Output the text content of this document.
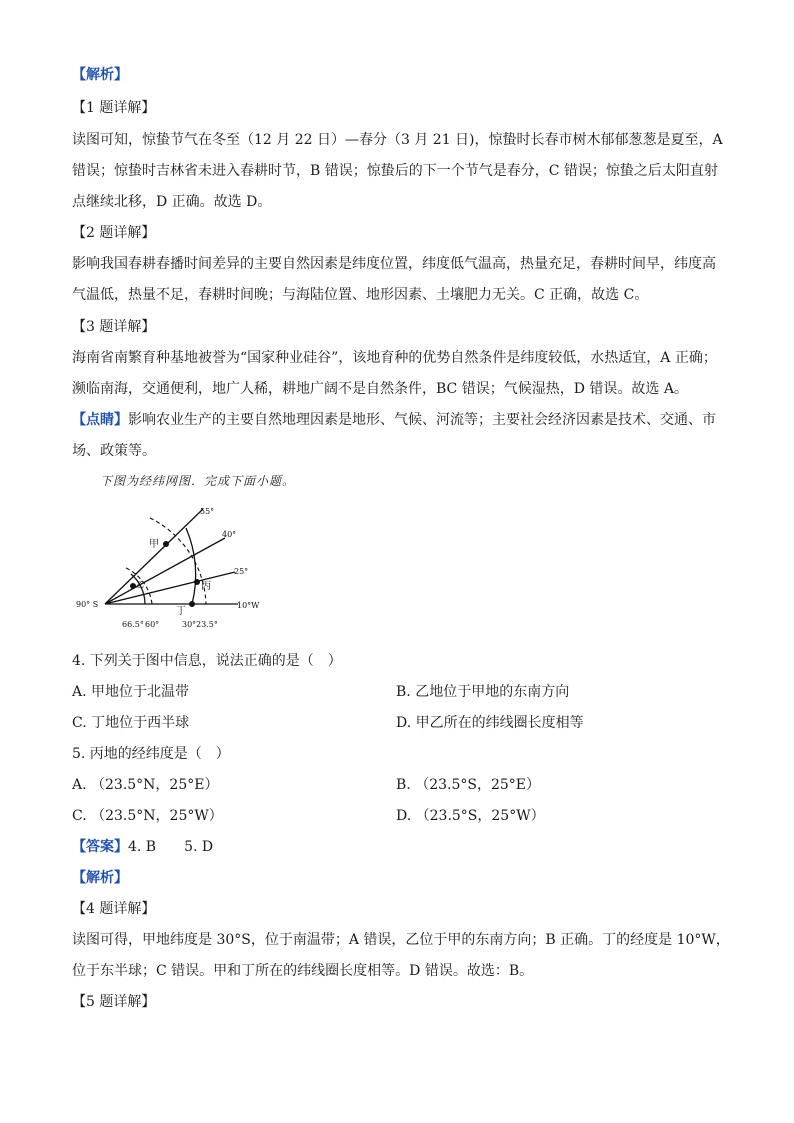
【解析】
【1 题详解】
读图可知，惊蛰节气在冬至（12 月 22 日）—春分（3 月 21 日)，惊蛰时长春市树木郁郁葱葱是夏至，A
错误；惊蛰时吉林省未进入春耕时节，B 错误；惊蛰后的下一个节气是春分，C 错误；惊蛰之后太阳直射
点继续北移，D 正确。故选 D。
【2 题详解】
影响我国春耕春播时间差异的主要自然因素是纬度位置，纬度低气温高，热量充足，春耕时间早，纬度高
气温低，热量不足，春耕时间晚；与海陆位置、地形因素、土壤肥力无关。C 正确，故选 C。
【3 题详解】
海南省南繁育种基地被誉为“国家种业硅谷”，该地育种的优势自然条件是纬度较低，水热适宜，A 正确；
濒临南海，交通便利，地广人稀，耕地广阔不是自然条件，BC 错误；气候湿热，D 错误。故选 A。
【点睛】影响农业生产的主要自然地理因素是地形、气候、河流等；主要社会经济因素是技术、交通、市
场、政策等。
下图为经纬网图．完成下面小题。
55°
40°
25°
10°W
90° S
66.5° 60°	30° 23.5°
甲
乙	丙
丁
4. 下列关于图中信息，说法正确的是（　）
A. 甲地位于北温带	B. 乙地位于甲地的东南方向
C. 丁地位于西半球	D. 甲乙所在的纬线圈长度相等
5. 丙地的经纬度是（　）
A. （23.5°N，25°E）	B. （23.5°S，25°E）
C. （23.5°N，25°W）	D. （23.5°S，25°W）
【答案】4. B　　5. D
【解析】
【4 题详解】
读图可得，甲地纬度是 30°S，位于南温带；A 错误，乙位于甲的东南方向；B 正确。丁的经度是 10°W，
位于东半球；C 错误。甲和丁所在的纬线圈长度相等。D 错误。故选：B。
【5 题详解】
